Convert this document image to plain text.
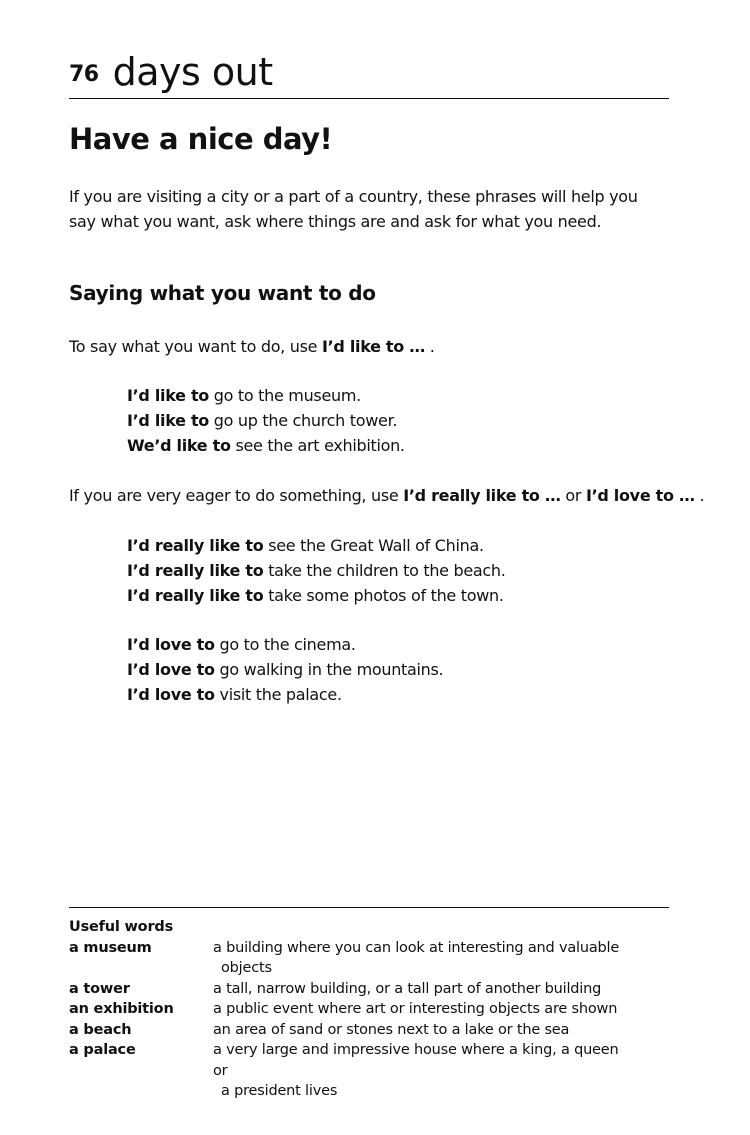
76 days out
Have a nice day!

If you are visiting a city or a part of a country, these phrases will help you say what you want, ask where things are and ask for what you need.

Saying what you want to do

To say what you want to do, use I’d like to … .

I’d like to go to the museum.
I’d like to go up the church tower.
We’d like to see the art exhibition.

If you are very eager to do something, use I’d really like to … or I’d love to … .

I’d really like to see the Great Wall of China.
I’d really like to take the children to the beach.
I’d really like to take some photos of the town.
I’d love to go to the cinema.
I’d love to go walking in the mountains.
I’d love to visit the palace.
Useful words
a museum	a building where you can look at interesting and valuable
objects
a tower	a tall, narrow building, or a tall part of another building
an exhibition	a public event where art or interesting objects are shown
a beach	an area of sand or stones next to a lake or the sea
a palace	a very large and impressive house where a king, a queen or
a president lives
